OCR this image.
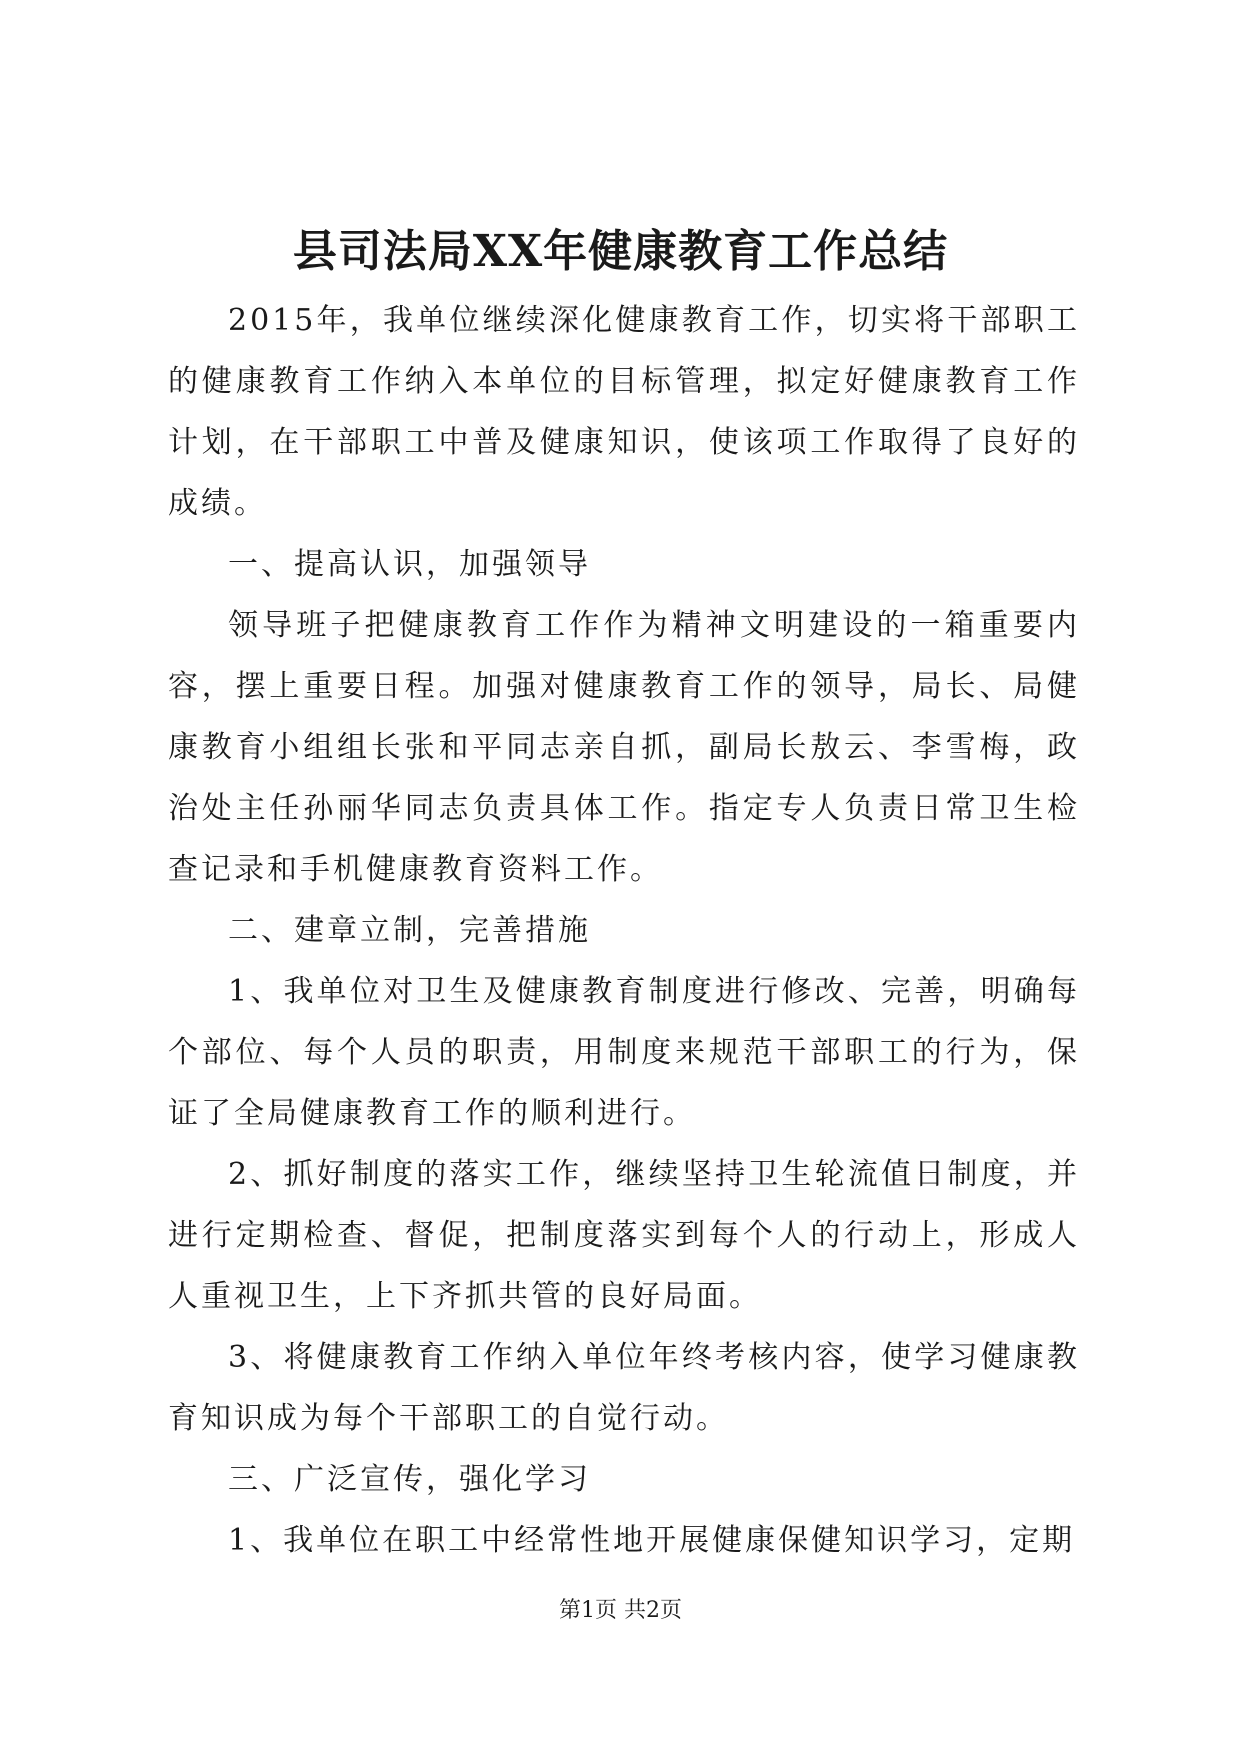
县司法局XX年健康教育工作总结

2015年，我单位继续深化健康教育工作，切实将干部职工的健康教育工作纳入本单位的目标管理，拟定好健康教育工作计划，在干部职工中普及健康知识，使该项工作取得了良好的成绩。

一、提高认识，加强领导

领导班子把健康教育工作作为精神文明建设的一箱重要内容，摆上重要日程。加强对健康教育工作的领导，局长、局健康教育小组组长张和平同志亲自抓，副局长敖云、李雪梅，政治处主任孙丽华同志负责具体工作。指定专人负责日常卫生检查记录和手机健康教育资料工作。

二、建章立制，完善措施

1、我单位对卫生及健康教育制度进行修改、完善，明确每个部位、每个人员的职责，用制度来规范干部职工的行为，保证了全局健康教育工作的顺利进行。

2、抓好制度的落实工作，继续坚持卫生轮流值日制度，并进行定期检查、督促，把制度落实到每个人的行动上，形成人人重视卫生，上下齐抓共管的良好局面。

3、将健康教育工作纳入单位年终考核内容，使学习健康教育知识成为每个干部职工的自觉行动。

三、广泛宣传，强化学习

1、我单位在职工中经常性地开展健康保健知识学习，定期

第1页 共2页
